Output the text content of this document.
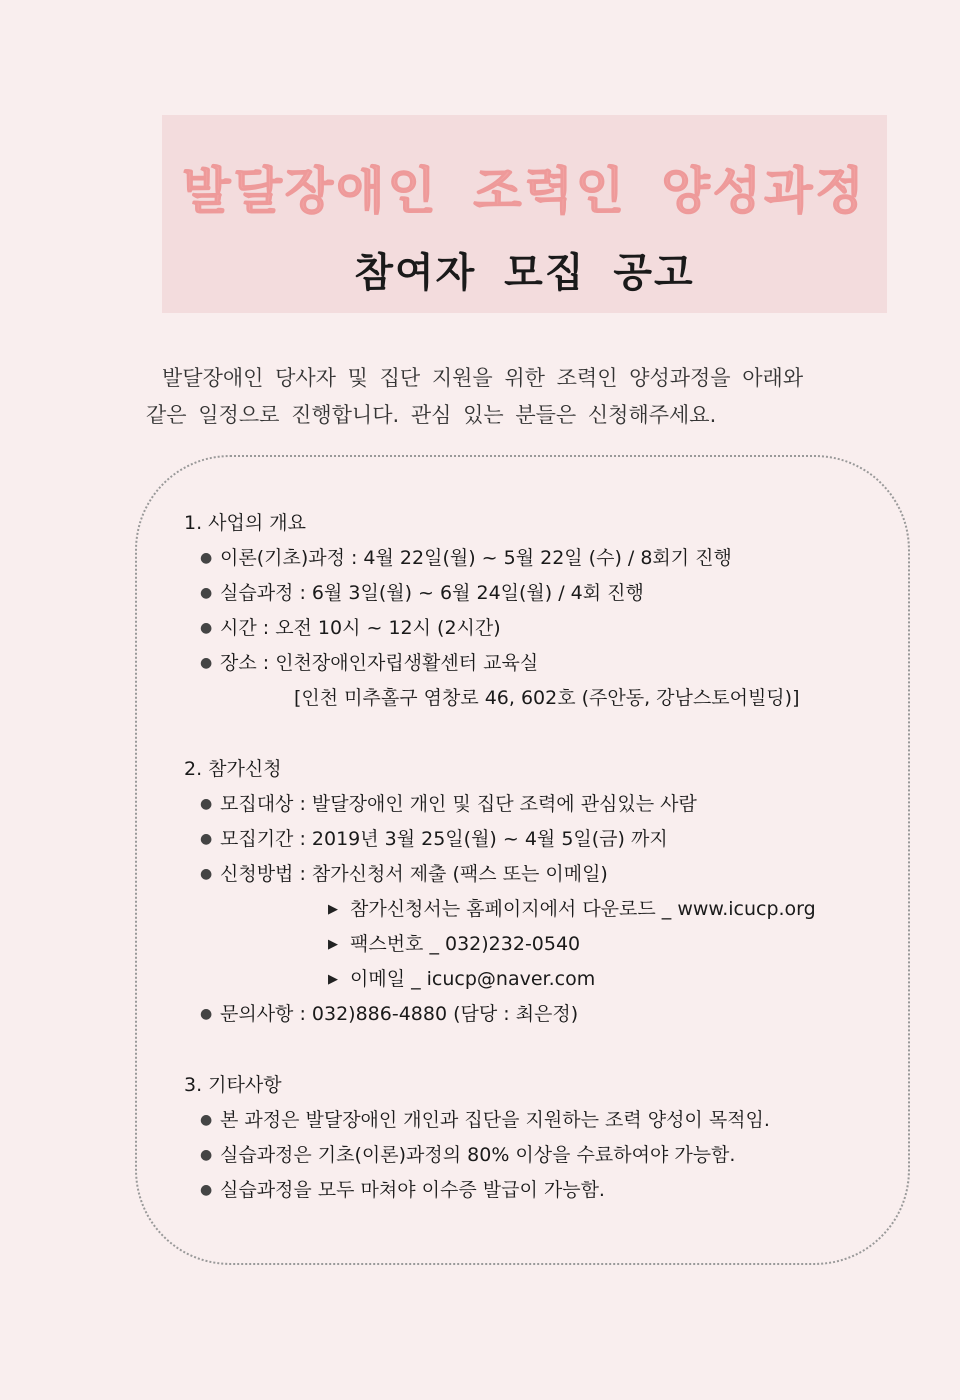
발달장애인 조력인 양성과정
참여자 모집 공고
발달장애인 당사자 및 집단 지원을 위한 조력인 양성과정을 아래와
같은 일정으로 진행합니다. 관심 있는 분들은 신청해주세요.
1. 사업의 개요
● 이론(기초)과정 : 4월 22일(월) ~ 5월 22일 (수) / 8회기 진행
● 실습과정 : 6월 3일(월) ~ 6월 24일(월) / 4회 진행
● 시간 : 오전 10시 ~ 12시 (2시간)
● 장소 : 인천장애인자립생활센터 교육실
[인천 미추홀구 염창로 46, 602호 (주안동, 강남스토어빌딩)]
2. 참가신청
● 모집대상 : 발달장애인 개인 및 집단 조력에 관심있는 사람
● 모집기간 : 2019년 3월 25일(월) ~ 4월 5일(금) 까지
● 신청방법 : 참가신청서 제출 (팩스 또는 이메일)
▶ 참가신청서는 홈페이지에서 다운로드 _ www.icucp.org
▶ 팩스번호 _ 032)232-0540
▶ 이메일 _ icucp@naver.com
● 문의사항 : 032)886-4880 (담당 : 최은정)
3. 기타사항
● 본 과정은 발달장애인 개인과 집단을 지원하는 조력 양성이 목적임.
● 실습과정은 기초(이론)과정의 80% 이상을 수료하여야 가능함.
● 실습과정을 모두 마쳐야 이수증 발급이 가능함.
